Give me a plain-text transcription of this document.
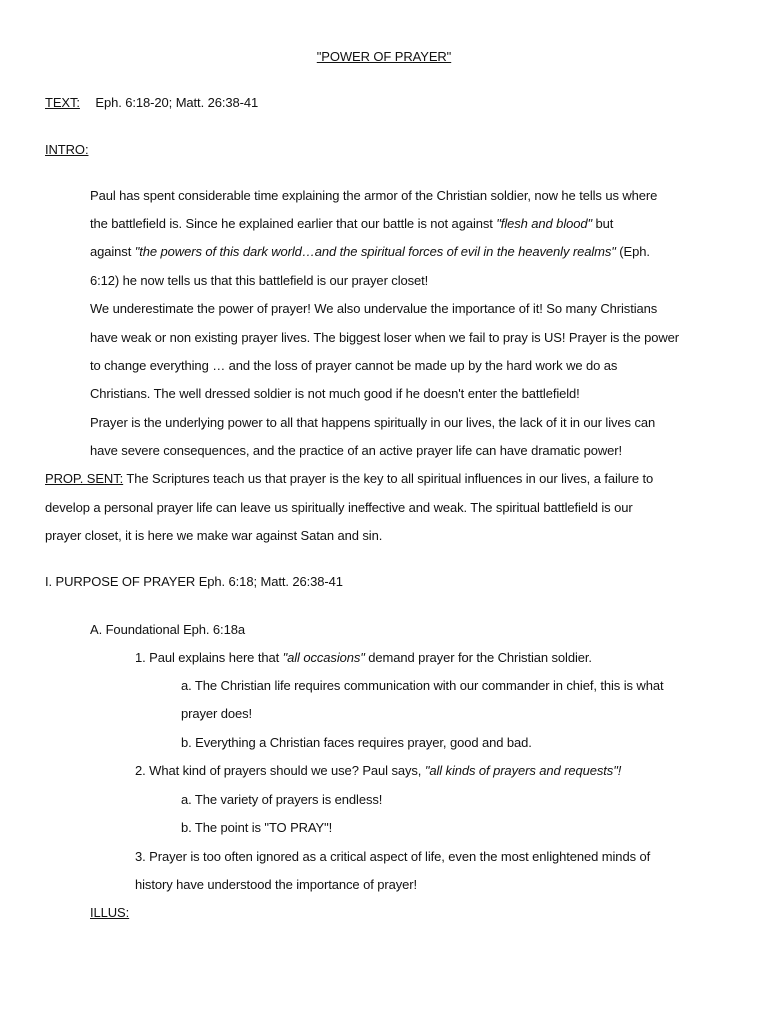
"POWER OF PRAYER"
TEXT: Eph. 6:18-20; Matt. 26:38-41
INTRO:
Paul has spent considerable time explaining the armor of the Christian soldier, now he tells us where
the battlefield is. Since he explained earlier that our battle is not against "flesh and blood" but
against "the powers of this dark world…and the spiritual forces of evil in the heavenly realms" (Eph.
6:12) he now tells us that this battlefield is our prayer closet!
We underestimate the power of prayer! We also undervalue the importance of it! So many Christians
have weak or non existing prayer lives. The biggest loser when we fail to pray is US! Prayer is the power
to change everything … and the loss of prayer cannot be made up by the hard work we do as
Christians. The well dressed soldier is not much good if he doesn't enter the battlefield!
Prayer is the underlying power to all that happens spiritually in our lives, the lack of it in our lives can
have severe consequences, and the practice of an active prayer life can have dramatic power!
PROP. SENT: The Scriptures teach us that prayer is the key to all spiritual influences in our lives, a failure to
develop a personal prayer life can leave us spiritually ineffective and weak. The spiritual battlefield is our
prayer closet, it is here we make war against Satan and sin.
I. PURPOSE OF PRAYER Eph. 6:18; Matt. 26:38-41
A. Foundational Eph. 6:18a
1. Paul explains here that "all occasions" demand prayer for the Christian soldier.
a. The Christian life requires communication with our commander in chief, this is what
prayer does!
b. Everything a Christian faces requires prayer, good and bad.
2. What kind of prayers should we use? Paul says, "all kinds of prayers and requests"!
a. The variety of prayers is endless!
b. The point is "TO PRAY"!
3. Prayer is too often ignored as a critical aspect of life, even the most enlightened minds of
history have understood the importance of prayer!
ILLUS:
